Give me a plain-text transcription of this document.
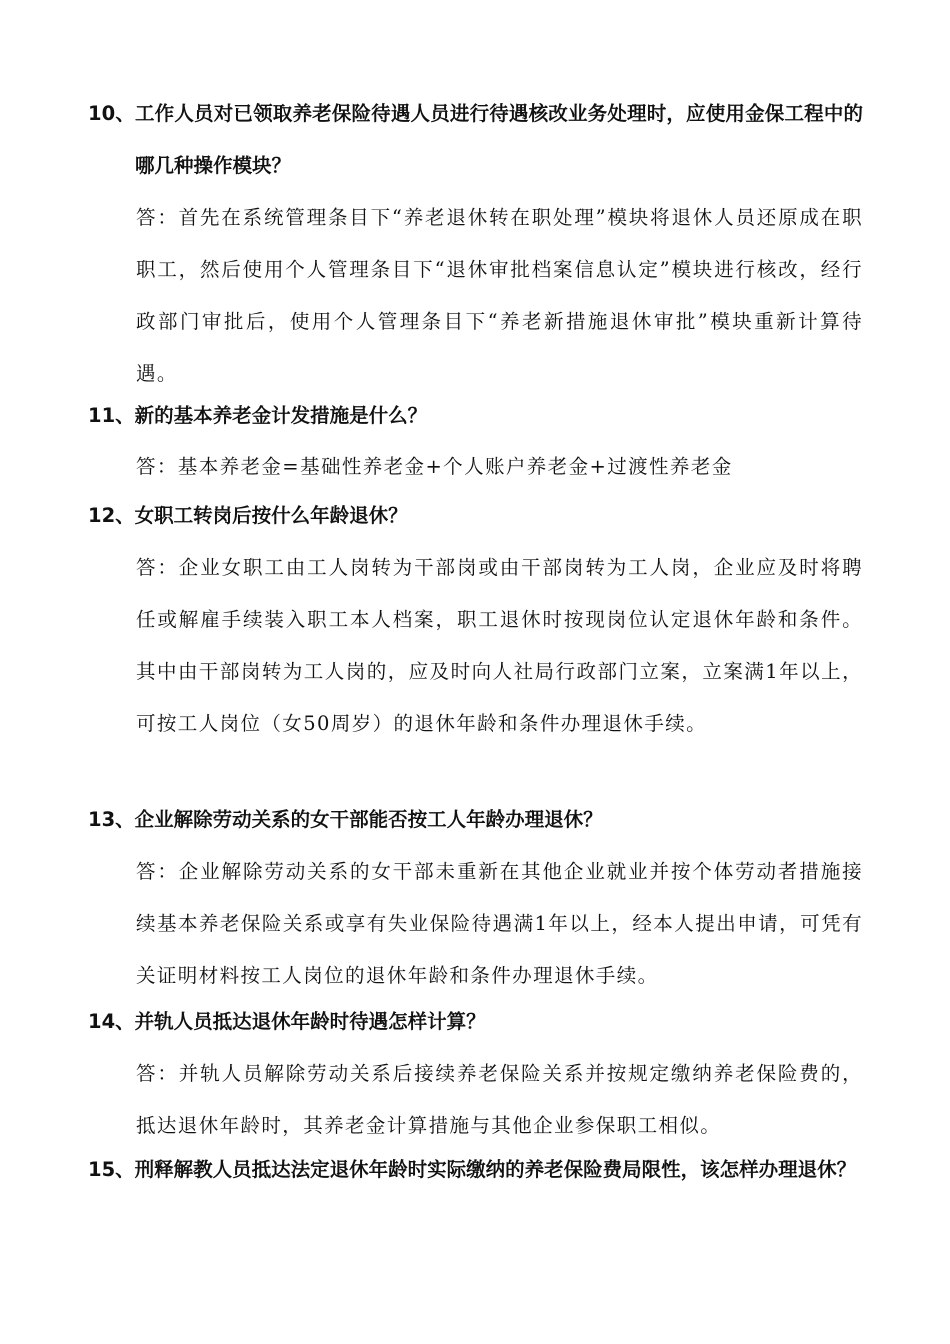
10、工作人员对已领取养老保险待遇人员进行待遇核改业务处理时，应使用金保工程中的哪几种操作模块？

答：首先在系统管理条目下“养老退休转在职处理”模块将退休人员还原成在职职工，然后使用个人管理条目下“退休审批档案信息认定”模块进行核改，经行政部门审批后，使用个人管理条目下“养老新措施退休审批”模块重新计算待遇。

11、新的基本养老金计发措施是什么？

答：基本养老金=基础性养老金+个人账户养老金+过渡性养老金

12、女职工转岗后按什么年龄退休？

答：企业女职工由工人岗转为干部岗或由干部岗转为工人岗，企业应及时将聘任或解雇手续装入职工本人档案，职工退休时按现岗位认定退休年龄和条件。其中由干部岗转为工人岗的，应及时向人社局行政部门立案，立案满1年以上，可按工人岗位（女50周岁）的退休年龄和条件办理退休手续。

13、企业解除劳动关系的女干部能否按工人年龄办理退休？

答：企业解除劳动关系的女干部未重新在其他企业就业并按个体劳动者措施接续基本养老保险关系或享有失业保险待遇满1年以上，经本人提出申请，可凭有关证明材料按工人岗位的退休年龄和条件办理退休手续。

14、并轨人员抵达退休年龄时待遇怎样计算？

答：并轨人员解除劳动关系后接续养老保险关系并按规定缴纳养老保险费的，抵达退休年龄时，其养老金计算措施与其他企业参保职工相似。

15、刑释解教人员抵达法定退休年龄时实际缴纳的养老保险费局限性，该怎样办理退休？
